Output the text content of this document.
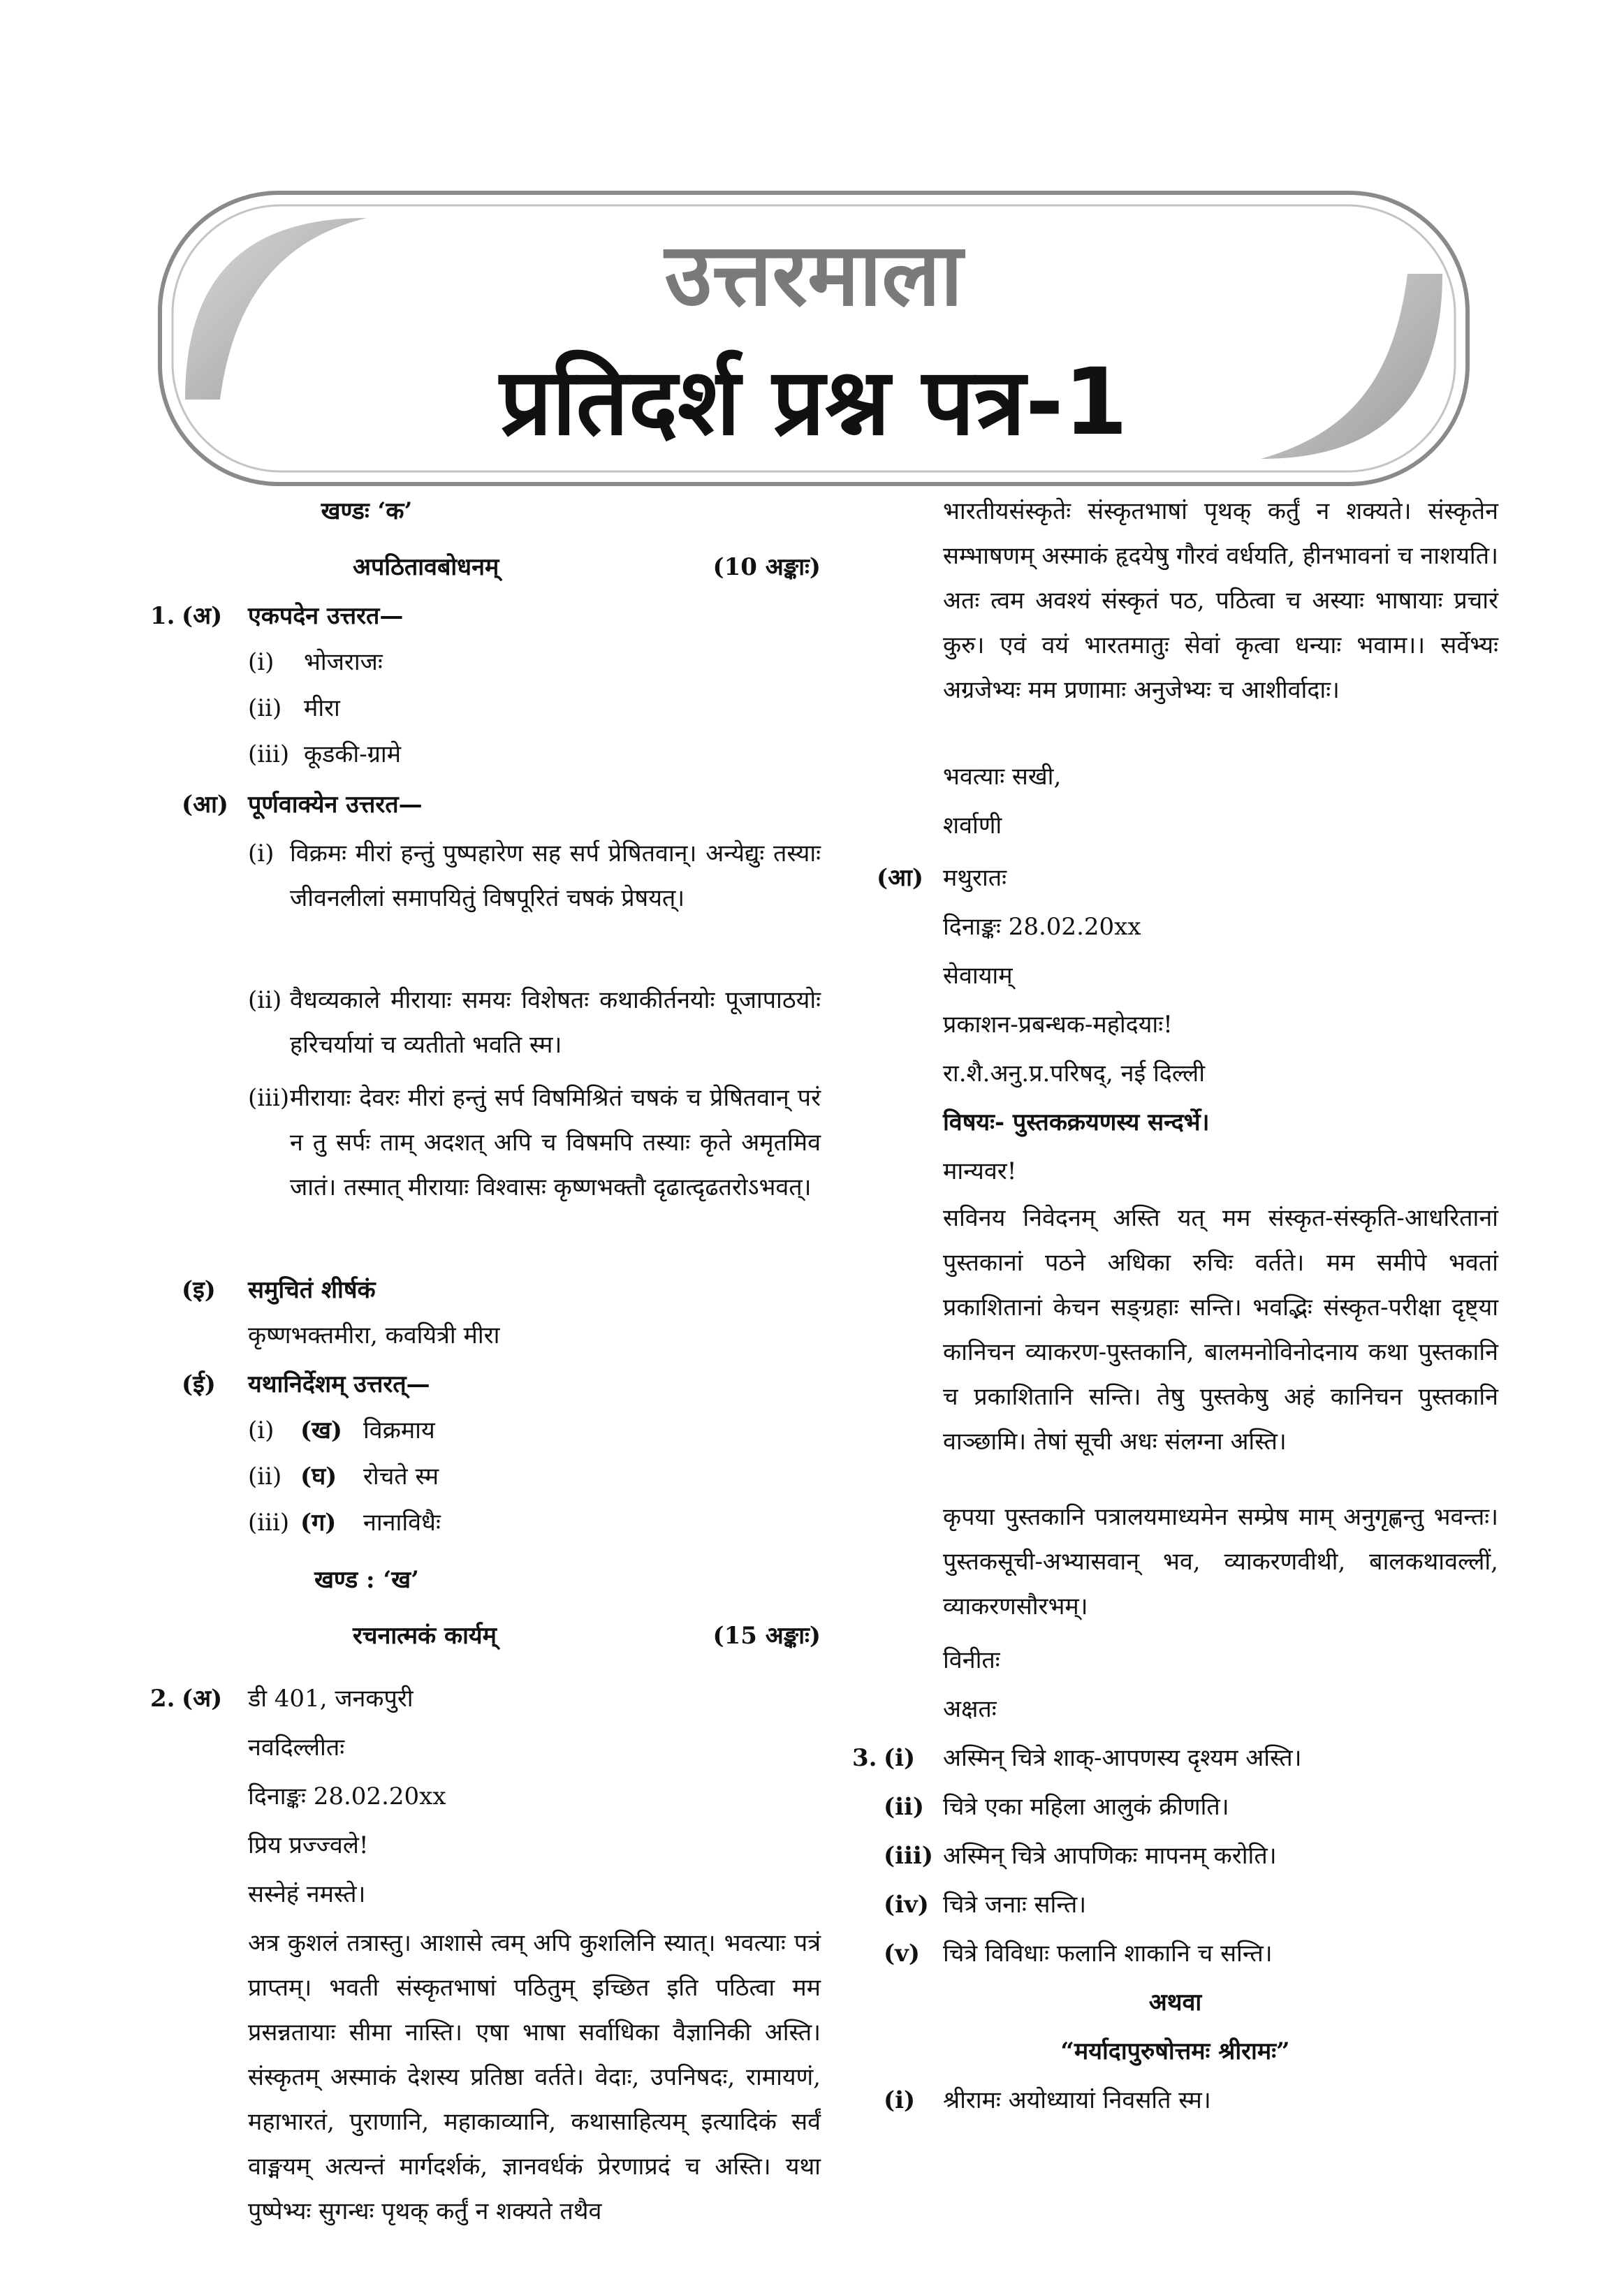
उत्तरमाला
प्रतिदर्श प्रश्न पत्र-1
खण्डः ‘क’
अपठितावबोधनम्	(10 अङ्काः)
1. (अ) एकपदेन उत्तरत—
(i) भोजराजः
(ii) मीरा
(iii) कूडकी-ग्रामे
(आ) पूर्णवाक्येन उत्तरत—
(i) विक्रमः मीरां हन्तुं पुष्पहारेण सह सर्प प्रेषितवान्। अन्येद्युः तस्याः जीवनलीलां समापयितुं विषपूरितं चषकं प्रेषयत्।
(ii) वैधव्यकाले मीरायाः समयः विशेषतः कथाकीर्तनयोः पूजापाठयोः हरिचर्यायां च व्यतीतो भवति स्म।
(iii) मीरायाः देवरः मीरां हन्तुं सर्प विषमिश्रितं चषकं च प्रेषितवान् परं न तु सर्पः ताम् अदशत् अपि च विषमपि तस्याः कृते अमृतमिव जातं। तस्मात् मीरायाः विश्वासः कृष्णभक्तौ दृढात्दृढतरोऽभवत्।
(इ) समुचितं शीर्षकं
कृष्णभक्तमीरा, कवयित्री मीरा
(ई) यथानिर्देशम् उत्तरत्—
(i) (ख) विक्रमाय
(ii) (घ) रोचते स्म
(iii) (ग) नानाविधैः
खण्ड : ‘ख’
रचनात्मकं कार्यम्	(15 अङ्काः)
2. (अ) डी 401, जनकपुरी
नवदिल्लीतः
दिनाङ्कः 28.02.20xx
प्रिय प्रज्ज्वले!
सस्नेहं नमस्ते।
अत्र कुशलं तत्रास्तु। आशासे त्वम् अपि कुशलिनि स्यात्। भवत्याः पत्रं प्राप्तम्। भवती संस्कृतभाषां पठितुम् इच्छित इति पठित्वा मम प्रसन्नतायाः सीमा नास्ति। एषा भाषा सर्वाधिका वैज्ञानिकी अस्ति। संस्कृतम् अस्माकं देशस्य प्रतिष्ठा वर्तते। वेदाः, उपनिषदः, रामायणं, महाभारतं, पुराणानि, महाकाव्यानि, कथासाहित्यम् इत्यादिकं सर्वं वाङ्मयम् अत्यन्तं मार्गदर्शकं, ज्ञानवर्धकं प्रेरणाप्रदं च अस्ति। यथा पुष्पेभ्यः सुगन्धः पृथक् कर्तुं न शक्यते तथैव
भारतीयसंस्कृतेः संस्कृतभाषां पृथक् कर्तुं न शक्यते। संस्कृतेन सम्भाषणम् अस्माकं हृदयेषु गौरवं वर्धयति, हीनभावनां च नाशयति। अतः त्वम अवश्यं संस्कृतं पठ, पठित्वा च अस्याः भाषायाः प्रचारं कुरु। एवं वयं भारतमातुः सेवां कृत्वा धन्याः भवाम।। सर्वेभ्यः अग्रजेभ्यः मम प्रणामाः अनुजेभ्यः च आशीर्वादाः।
भवत्याः सखी,
शर्वाणी
(आ) मथुरातः
दिनाङ्कः 28.02.20xx
सेवायाम्
प्रकाशन-प्रबन्धक-महोदयाः!
रा.शै.अनु.प्र.परिषद्, नई दिल्ली
विषयः- पुस्तकक्रयणस्य सन्दर्भे।
मान्यवर!
सविनय निवेदनम् अस्ति यत् मम संस्कृत-संस्कृति-आधरितानां पुस्तकानां पठने अधिका रुचिः वर्तते। मम समीपे भवतां प्रकाशितानां केचन सङ्ग्रहाः सन्ति। भवद्भिः संस्कृत-परीक्षा दृष्ट्या कानिचन व्याकरण-पुस्तकानि, बालमनोविनोदनाय कथा पुस्तकानि च प्रकाशितानि सन्ति। तेषु पुस्तकेषु अहं कानिचन पुस्तकानि वाञ्छामि। तेषां सूची अधः संलग्ना अस्ति।
कृपया पुस्तकानि पत्रालयमाध्यमेन सम्प्रेष माम् अनुगृह्णन्तु भवन्तः। पुस्तकसूची-अभ्यासवान् भव, व्याकरणवीथी, बालकथावल्लीं, व्याकरणसौरभम्।
विनीतः
अक्षतः
3. (i) अस्मिन् चित्रे शाक्-आपणस्य दृश्यम अस्ति।
(ii) चित्रे एका महिला आलुकं क्रीणति।
(iii) अस्मिन् चित्रे आपणिकः मापनम् करोति।
(iv) चित्रे जनाः सन्ति।
(v) चित्रे विविधाः फलानि शाकानि च सन्ति।
अथवा
“मर्यादापुरुषोत्तमः श्रीरामः”
(i) श्रीरामः अयोध्यायां निवसति स्म।
